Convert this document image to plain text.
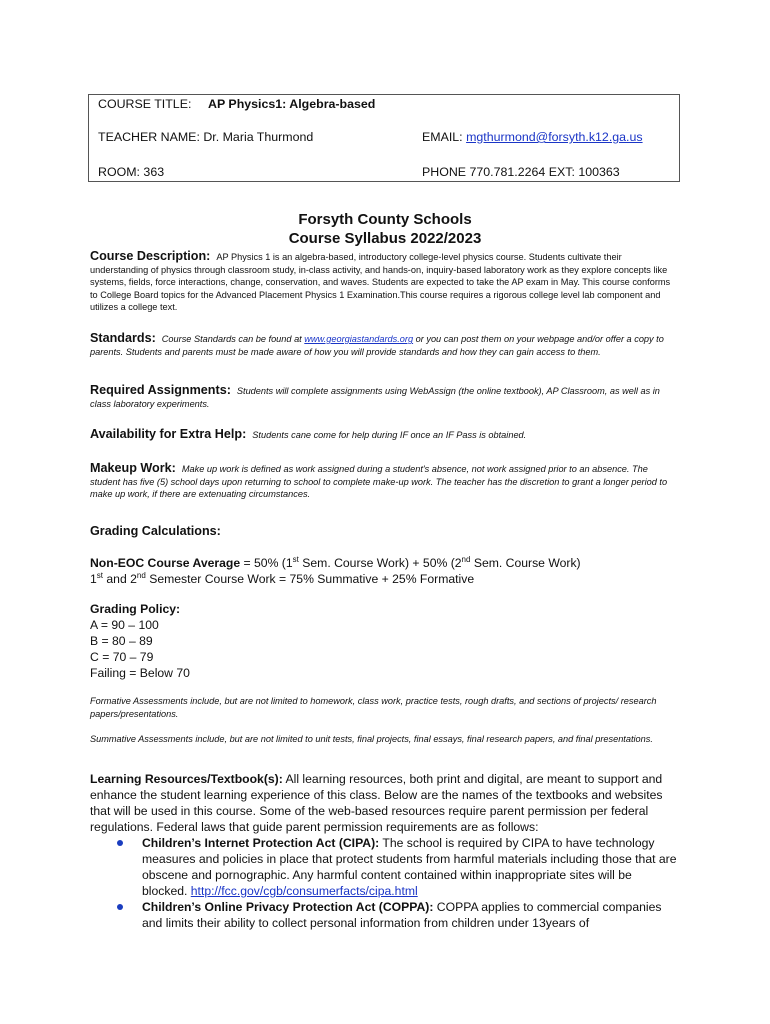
COURSE TITLE: AP Physics1: Algebra-based
TEACHER NAME: Dr. Maria Thurmond	EMAIL: mgthurmond@forsyth.k12.ga.us
ROOM: 363	PHONE 770.781.2264 EXT: 100363
Forsyth County Schools
Course Syllabus 2022/2023
Course Description: AP Physics 1 is an algebra-based, introductory college-level physics course. Students cultivate their understanding of physics through classroom study, in-class activity, and hands-on, inquiry-based laboratory work as they explore concepts like systems, fields, force interactions, change, conservation, and waves. Students are expected to take the AP exam in May. This course conforms to College Board topics for the Advanced Placement Physics 1 Examination.This course requires a rigorous college level lab component and utilizes a college text.
Standards: Course Standards can be found at www.georgiastandards.org or you can post them on your webpage and/or offer a copy to parents. Students and parents must be made aware of how you will provide standards and how they can gain access to them.
Required Assignments: Students will complete assignments using WebAssign (the online textbook), AP Classroom, as well as in class laboratory experiments.
Availability for Extra Help: Students cane come for help during IF once an IF Pass is obtained.
Makeup Work: Make up work is defined as work assigned during a student's absence, not work assigned prior to an absence. The student has five (5) school days upon returning to school to complete make-up work. The teacher has the discretion to grant a longer period to make up work, if there are extenuating circumstances.
Grading Calculations:
Non-EOC Course Average = 50% (1st Sem. Course Work) + 50% (2nd Sem. Course Work)
1st and 2nd Semester Course Work = 75% Summative + 25% Formative
Grading Policy:
A = 90 – 100
B = 80 – 89
C = 70 – 79
Failing = Below 70
Formative Assessments include, but are not limited to homework, class work, practice tests, rough drafts, and sections of projects/ research papers/presentations.
Summative Assessments include, but are not limited to unit tests, final projects, final essays, final research papers, and final presentations.
Learning Resources/Textbook(s): All learning resources, both print and digital, are meant to support and enhance the student learning experience of this class. Below are the names of the textbooks and websites that will be used in this course. Some of the web-based resources require parent permission per federal regulations. Federal laws that guide parent permission requirements are as follows:
Children’s Internet Protection Act (CIPA): The school is required by CIPA to have technology measures and policies in place that protect students from harmful materials including those that are obscene and pornographic. Any harmful content contained within inappropriate sites will be blocked. http://fcc.gov/cgb/consumerfacts/cipa.html
Children’s Online Privacy Protection Act (COPPA): COPPA applies to commercial companies and limits their ability to collect personal information from children under 13years of
